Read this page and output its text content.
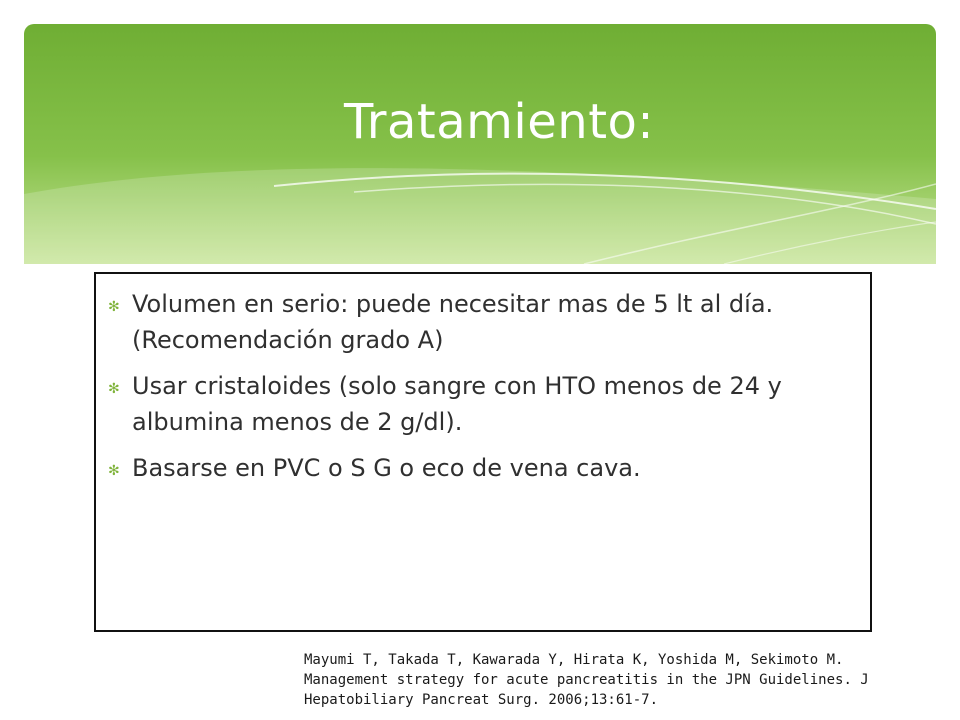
Tratamiento:
✻ Volumen en serio: puede necesitar mas de 5 lt al día. (Recomendación grado A)
✻ Usar cristaloides (solo sangre con HTO menos de 24 y albumina menos de 2 g/dl).
✻ Basarse en PVC o S G o eco de vena cava.
Mayumi T, Takada T, Kawarada Y, Hirata K, Yoshida M, Sekimoto M. Management strategy for acute pancreatitis in the JPN Guidelines. J Hepatobiliary Pancreat Surg. 2006;13:61-7.
